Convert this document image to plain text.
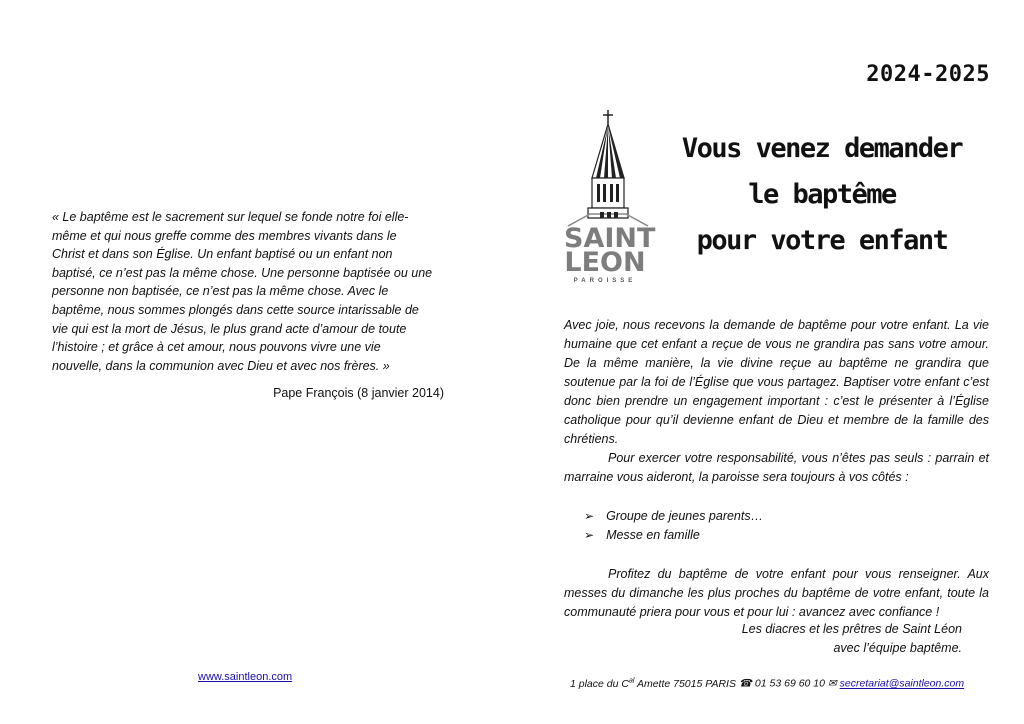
« Le baptême est le sacrement sur lequel se fonde notre foi elle-
même et qui nous greffe comme des membres vivants dans le
Christ et dans son Église. Un enfant baptisé ou un enfant non
baptisé, ce n’est pas la même chose. Une personne baptisée ou une
personne non baptisée, ce n’est pas la même chose. Avec le
baptême, nous sommes plongés dans cette source intarissable de
vie qui est la mort de Jésus, le plus grand acte d’amour de toute
l’histoire ; et grâce à cet amour, nous pouvons vivre une vie
nouvelle, dans la communion avec Dieu et avec nos frères. »
Pape François (8 janvier 2014)
www.saintleon.com
2024-2025
SAINT
LEON
PAROISSE
Vous venez demander
le baptême
pour votre enfant

Avec joie, nous recevons la demande de baptême pour votre enfant. La vie humaine que cet enfant a reçue de vous ne grandira pas sans votre amour. De la même manière, la vie divine reçue au baptême ne grandira que soutenue par la foi de l’Église que vous partagez. Baptiser votre enfant c’est donc bien prendre un engagement important : c’est le présenter à l’Église catholique pour qu’il devienne enfant de Dieu et membre de la famille des chrétiens.

Pour exercer votre responsabilité, vous n’êtes pas seuls : parrain et marraine vous aideront, la paroisse sera toujours à vos côtés :

➢ Groupe de jeunes parents…
➢ Messe en famille

Profitez du baptême de votre enfant pour vous renseigner. Aux messes du dimanche les plus proches du baptême de votre enfant, toute la communauté priera pour vous et pour lui : avancez avec confiance !

Les diacres et les prêtres de Saint Léon
avec l’équipe baptême.
1 place du $C^{al}$ Amette 75015 PARIS ☎ 01 53 69 60 10 ✉ secretariat@saintleon.com
